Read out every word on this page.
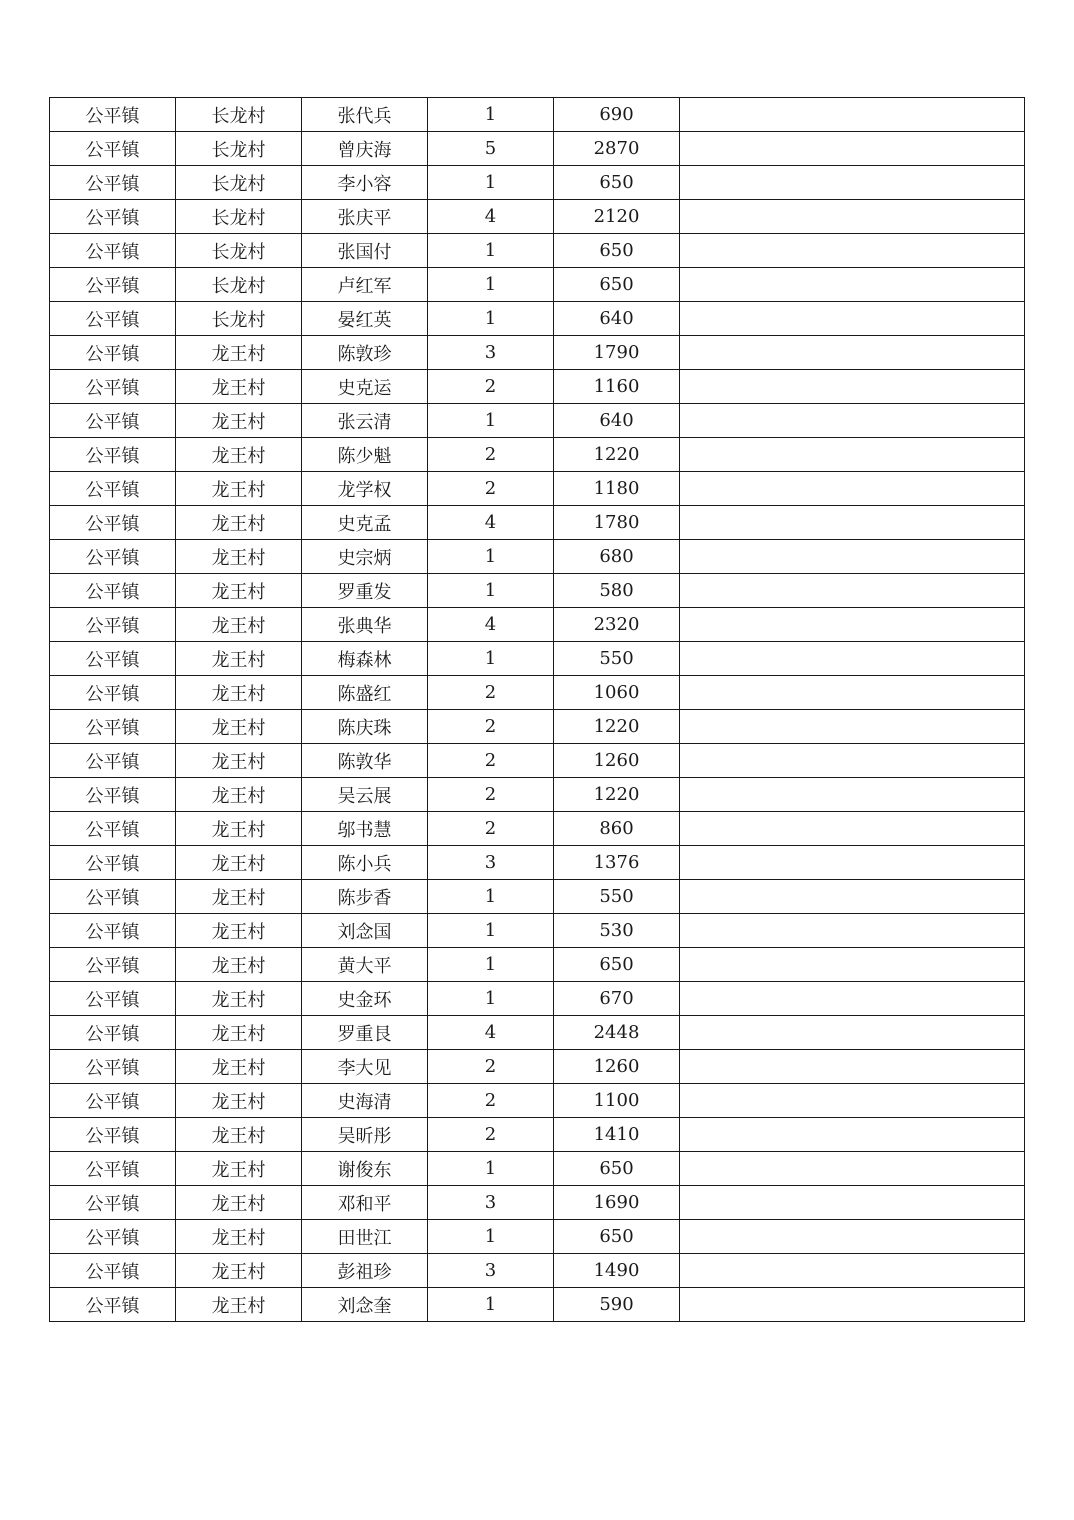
公平镇	长龙村	张代兵	1	690	
公平镇	长龙村	曾庆海	5	2870	
公平镇	长龙村	李小容	1	650	
公平镇	长龙村	张庆平	4	2120	
公平镇	长龙村	张国付	1	650	
公平镇	长龙村	卢红军	1	650	
公平镇	长龙村	晏红英	1	640	
公平镇	龙王村	陈敦珍	3	1790	
公平镇	龙王村	史克运	2	1160	
公平镇	龙王村	张云清	1	640	
公平镇	龙王村	陈少魁	2	1220	
公平镇	龙王村	龙学权	2	1180	
公平镇	龙王村	史克孟	4	1780	
公平镇	龙王村	史宗炳	1	680	
公平镇	龙王村	罗重发	1	580	
公平镇	龙王村	张典华	4	2320	
公平镇	龙王村	梅森林	1	550	
公平镇	龙王村	陈盛红	2	1060	
公平镇	龙王村	陈庆珠	2	1220	
公平镇	龙王村	陈敦华	2	1260	
公平镇	龙王村	吴云展	2	1220	
公平镇	龙王村	邬书慧	2	860	
公平镇	龙王村	陈小兵	3	1376	
公平镇	龙王村	陈步香	1	550	
公平镇	龙王村	刘念国	1	530	
公平镇	龙王村	黄大平	1	650	
公平镇	龙王村	史金环	1	670	
公平镇	龙王村	罗重艮	4	2448	
公平镇	龙王村	李大见	2	1260	
公平镇	龙王村	史海清	2	1100	
公平镇	龙王村	吴昕彤	2	1410	
公平镇	龙王村	谢俊东	1	650	
公平镇	龙王村	邓和平	3	1690	
公平镇	龙王村	田世江	1	650	
公平镇	龙王村	彭祖珍	3	1490	
公平镇	龙王村	刘念奎	1	590	
